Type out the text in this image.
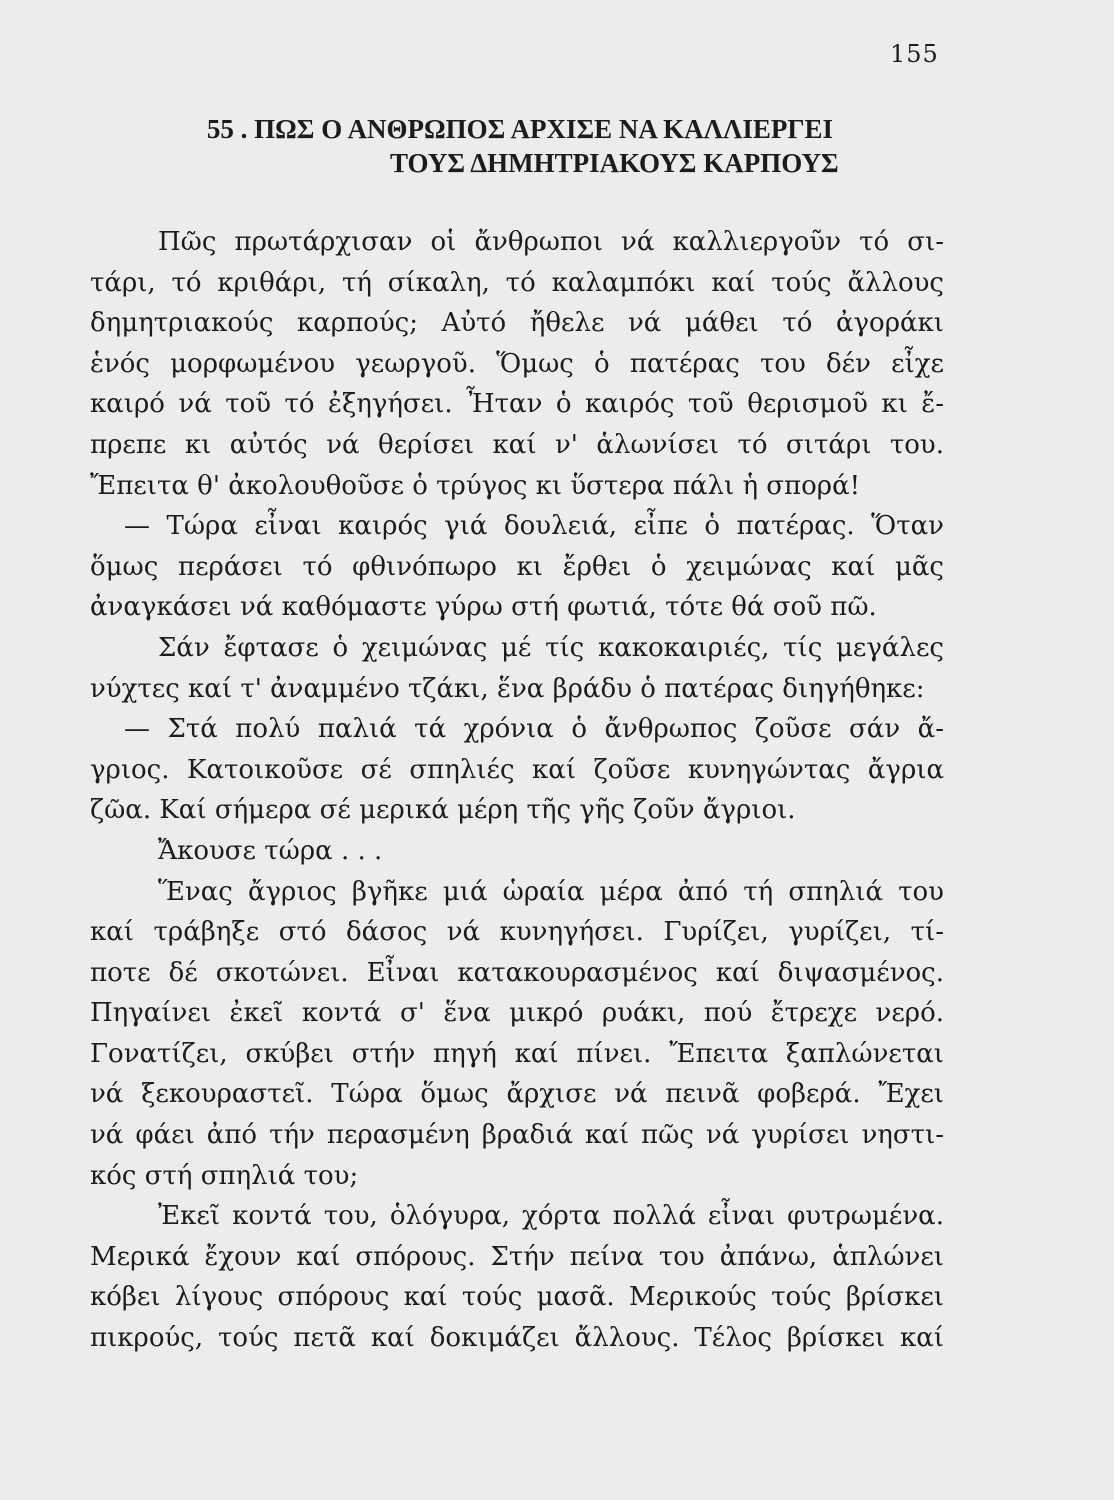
155
55 . ΠΩΣ Ο ΑΝΘΡΩΠΟΣ ΑΡΧΙΣΕ ΝΑ ΚΑΛΛΙΕΡΓΕΙ
ΤΟΥΣ ΔΗΜΗΤΡΙΑΚΟΥΣ ΚΑΡΠΟΥΣ
Πῶς πρωτάρχισαν οἱ ἄνθρωποι νά καλλιεργοῦν τό σι-
τάρι, τό κριθάρι, τή σίκαλη, τό καλαμπόκι καί τούς ἄλλους
δημητριακούς καρπούς; Αὐτό ἤθελε νά μάθει τό ἀγοράκι
ἑνός μορφωμένου γεωργοῦ. Ὅμως ὁ πατέρας του δέν εἶχε
καιρό νά τοῦ τό ἐξηγήσει. Ἦταν ὁ καιρός τοῦ θερισμοῦ κι ἔ-
πρεπε κι αὐτός νά θερίσει καί ν' ἁλωνίσει τό σιτάρι του.
Ἔπειτα θ' ἀκολουθοῦσε ὁ τρύγος κι ὕστερα πάλι ἡ σπορά!
— Τώρα εἶναι καιρός γιά δουλειά, εἶπε ὁ πατέρας. Ὅταν
ὅμως περάσει τό φθινόπωρο κι ἔρθει ὁ χειμώνας καί μᾶς
ἀναγκάσει νά καθόμαστε γύρω στή φωτιά, τότε θά σοῦ πῶ.
Σάν ἔφτασε ὁ χειμώνας μέ τίς κακοκαιριές, τίς μεγάλες
νύχτες καί τ' ἀναμμένο τζάκι, ἕνα βράδυ ὁ πατέρας διηγήθηκε:
— Στά πολύ παλιά τά χρόνια ὁ ἄνθρωπος ζοῦσε σάν ἄ-
γριος. Κατοικοῦσε σέ σπηλιές καί ζοῦσε κυνηγώντας ἄγρια
ζῶα. Καί σήμερα σέ μερικά μέρη τῆς γῆς ζοῦν ἄγριοι.
Ἄκουσε τώρα . . .
Ἕνας ἄγριος βγῆκε μιά ὡραία μέρα ἀπό τή σπηλιά του
καί τράβηξε στό δάσος νά κυνηγήσει. Γυρίζει, γυρίζει, τί-
ποτε δέ σκοτώνει. Εἶναι κατακουρασμένος καί διψασμένος.
Πηγαίνει ἐκεῖ κοντά σ' ἕνα μικρό ρυάκι, πού ἔτρεχε νερό.
Γονατίζει, σκύβει στήν πηγή καί πίνει. Ἔπειτα ξαπλώνεται
νά ξεκουραστεῖ. Τώρα ὅμως ἄρχισε νά πεινᾶ φοβερά. Ἔχει
νά φάει ἀπό τήν περασμένη βραδιά καί πῶς νά γυρίσει νηστι-
κός στή σπηλιά του;
Ἐκεῖ κοντά του, ὁλόγυρα, χόρτα πολλά εἶναι φυτρωμένα.
Μερικά ἔχουν καί σπόρους. Στήν πείνα του ἀπάνω, ἁπλώνει
κόβει λίγους σπόρους καί τούς μασᾶ. Μερικούς τούς βρίσκει
πικρούς, τούς πετᾶ καί δοκιμάζει ἄλλους. Τέλος βρίσκει καί
